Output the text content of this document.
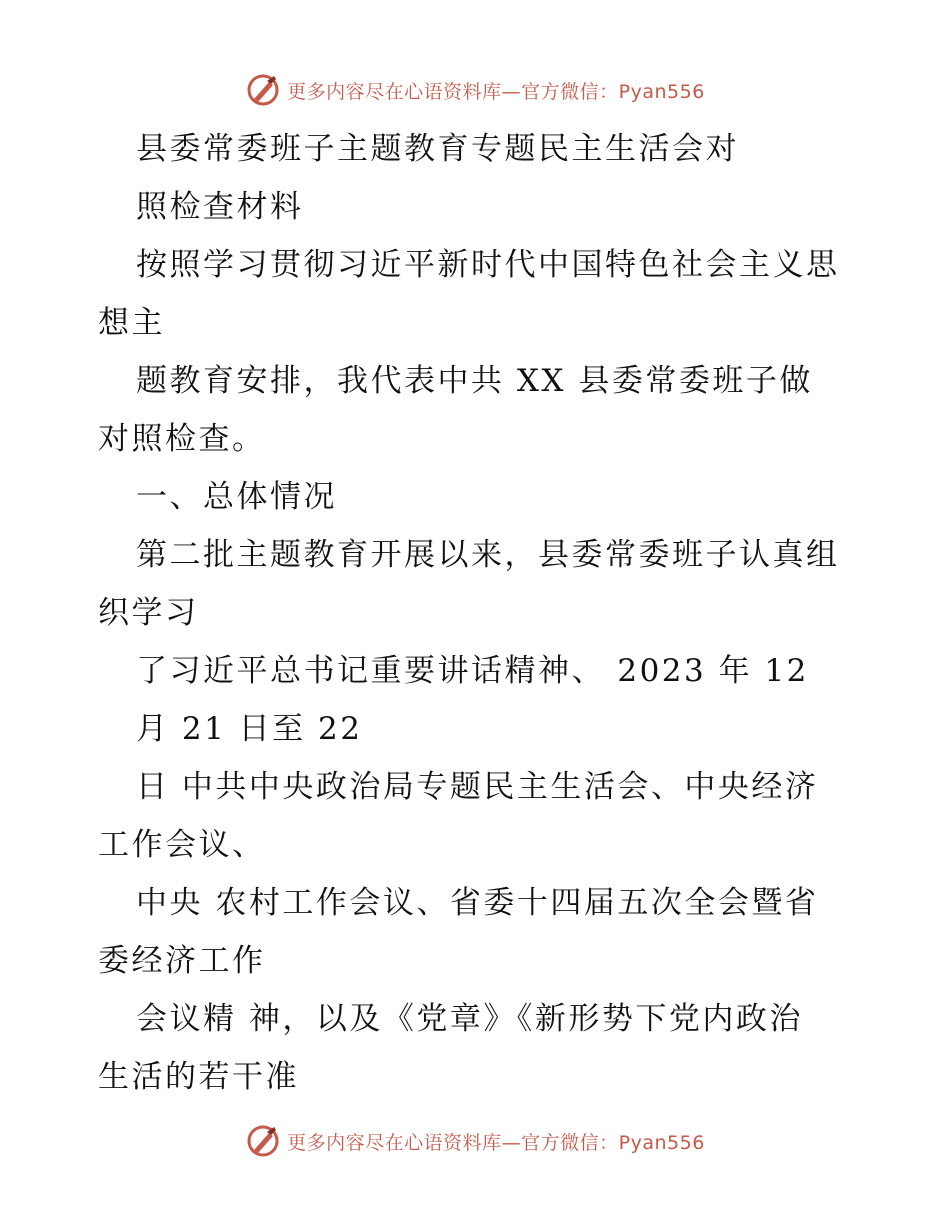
更多内容尽在心语资料库—官方微信：Pyan556
县委常委班子主题教育专题民主生活会对
照检查材料
按照学习贯彻习近平新时代中国特色社会主义思
想主
题教育安排，我代表中共 XX 县委常委班子做
对照检查。
一、总体情况
第二批主题教育开展以来，县委常委班子认真组
织学习
了习近平总书记重要讲话精神、 2023 年 12
月 21 日至 22
日 中共中央政治局专题民主生活会、中央经济
工作会议、
中央 农村工作会议、省委十四届五次全会暨省
委经济工作
会议精 神，以及《党章》《新形势下党内政治
生活的若干准
更多内容尽在心语资料库—官方微信：Pyan556
